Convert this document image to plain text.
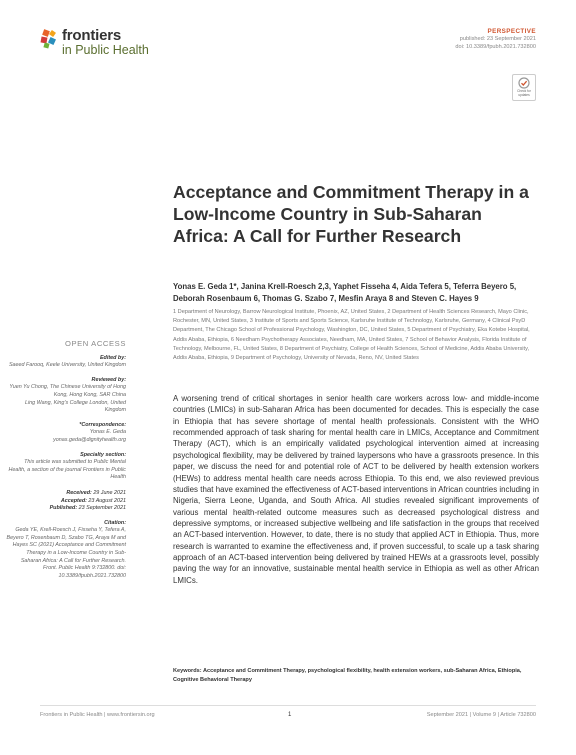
frontiers
in Public Health
PERSPECTIVE
published: 23 September 2021
doi: 10.3389/fpubh.2021.732800
Check for updates
Acceptance and Commitment Therapy in a Low-Income Country in Sub-Saharan Africa: A Call for Further Research
Yonas E. Geda 1*, Janina Krell-Roesch 2,3, Yaphet Fisseha 4, Aida Tefera 5, Teferra Beyero 5, Deborah Rosenbaum 6, Thomas G. Szabo 7, Mesfin Araya 8 and Steven C. Hayes 9
1 Department of Neurology, Barrow Neurological Institute, Phoenix, AZ, United States, 2 Department of Health Sciences Research, Mayo Clinic, Rochester, MN, United States, 3 Institute of Sports and Sports Science, Karlsruhe Institute of Technology, Karlsruhe, Germany, 4 Clinical PsyD Department, The Chicago School of Professional Psychology, Washington, DC, United States, 5 Department of Psychiatry, Eka Kotebe Hospital, Addis Ababa, Ethiopia, 6 Needham Psychotherapy Associates, Needham, MA, United States, 7 School of Behavior Analysis, Florida Institute of Technology, Melbourne, FL, United States, 8 Department of Psychiatry, College of Health Sciences, School of Medicine, Addis Ababa University, Addis Ababa, Ethiopia, 9 Department of Psychology, University of Nevada, Reno, NV, United States
OPEN ACCESS
Edited by:
Saeed Farooq, Keele University, United Kingdom
Reviewed by:
Yuen Yu Chong, The Chinese University of Hong Kong, Hong Kong, SAR China
Ling Wang, King's College London, United Kingdom
*Correspondence:
Yonas E. Geda
yonas.geda@dignityhealth.org
Specialty section:
This article was submitted to Public Mental Health, a section of the journal Frontiers in Public Health
Received: 29 June 2021
Accepted: 23 August 2021
Published: 23 September 2021
Citation:
Geda YE, Krell-Roesch J, Fisseha Y, Tefera A, Beyero T, Rosenbaum D, Szabo TG, Araya M and Hayes SC (2021) Acceptance and Commitment Therapy in a Low-Income Country in Sub-Saharan Africa: A Call for Further Research. Front. Public Health 9:732800. doi: 10.3389/fpubh.2021.732800
A worsening trend of critical shortages in senior health care workers across low- and middle-income countries (LMICs) in sub-Saharan Africa has been documented for decades. This is especially the case in Ethiopia that has severe shortage of mental health professionals. Consistent with the WHO recommended approach of task sharing for mental health care in LMICs, Acceptance and Commitment Therapy (ACT), which is an empirically validated psychological intervention aimed at increasing psychological flexibility, may be delivered by trained laypersons who have a grassroots presence. In this paper, we discuss the need for and potential role of ACT to be delivered by health extension workers (HEWs) to address mental health care needs across Ethiopia. To this end, we also reviewed previous studies that have examined the effectiveness of ACT-based interventions in African countries including in Nigeria, Sierra Leone, Uganda, and South Africa. All studies revealed significant improvements of various mental health-related outcome measures such as decreased psychological distress and depressive symptoms, or increased subjective wellbeing and life satisfaction in the groups that received an ACT-based intervention. However, to date, there is no study that applied ACT in Ethiopia. Thus, more research is warranted to examine the effectiveness and, if proven successful, to scale up a task sharing approach of an ACT-based intervention being delivered by trained HEWs at a grassroots level, possibly paving the way for an innovative, sustainable mental health service in Ethiopia as well as other African LMICs.
Keywords: Acceptance and Commitment Therapy, psychological flexibility, health extension workers, sub-Saharan Africa, Ethiopia, Cognitive Behavioral Therapy
Frontiers in Public Health | www.frontiersin.org	1	September 2021 | Volume 9 | Article 732800
